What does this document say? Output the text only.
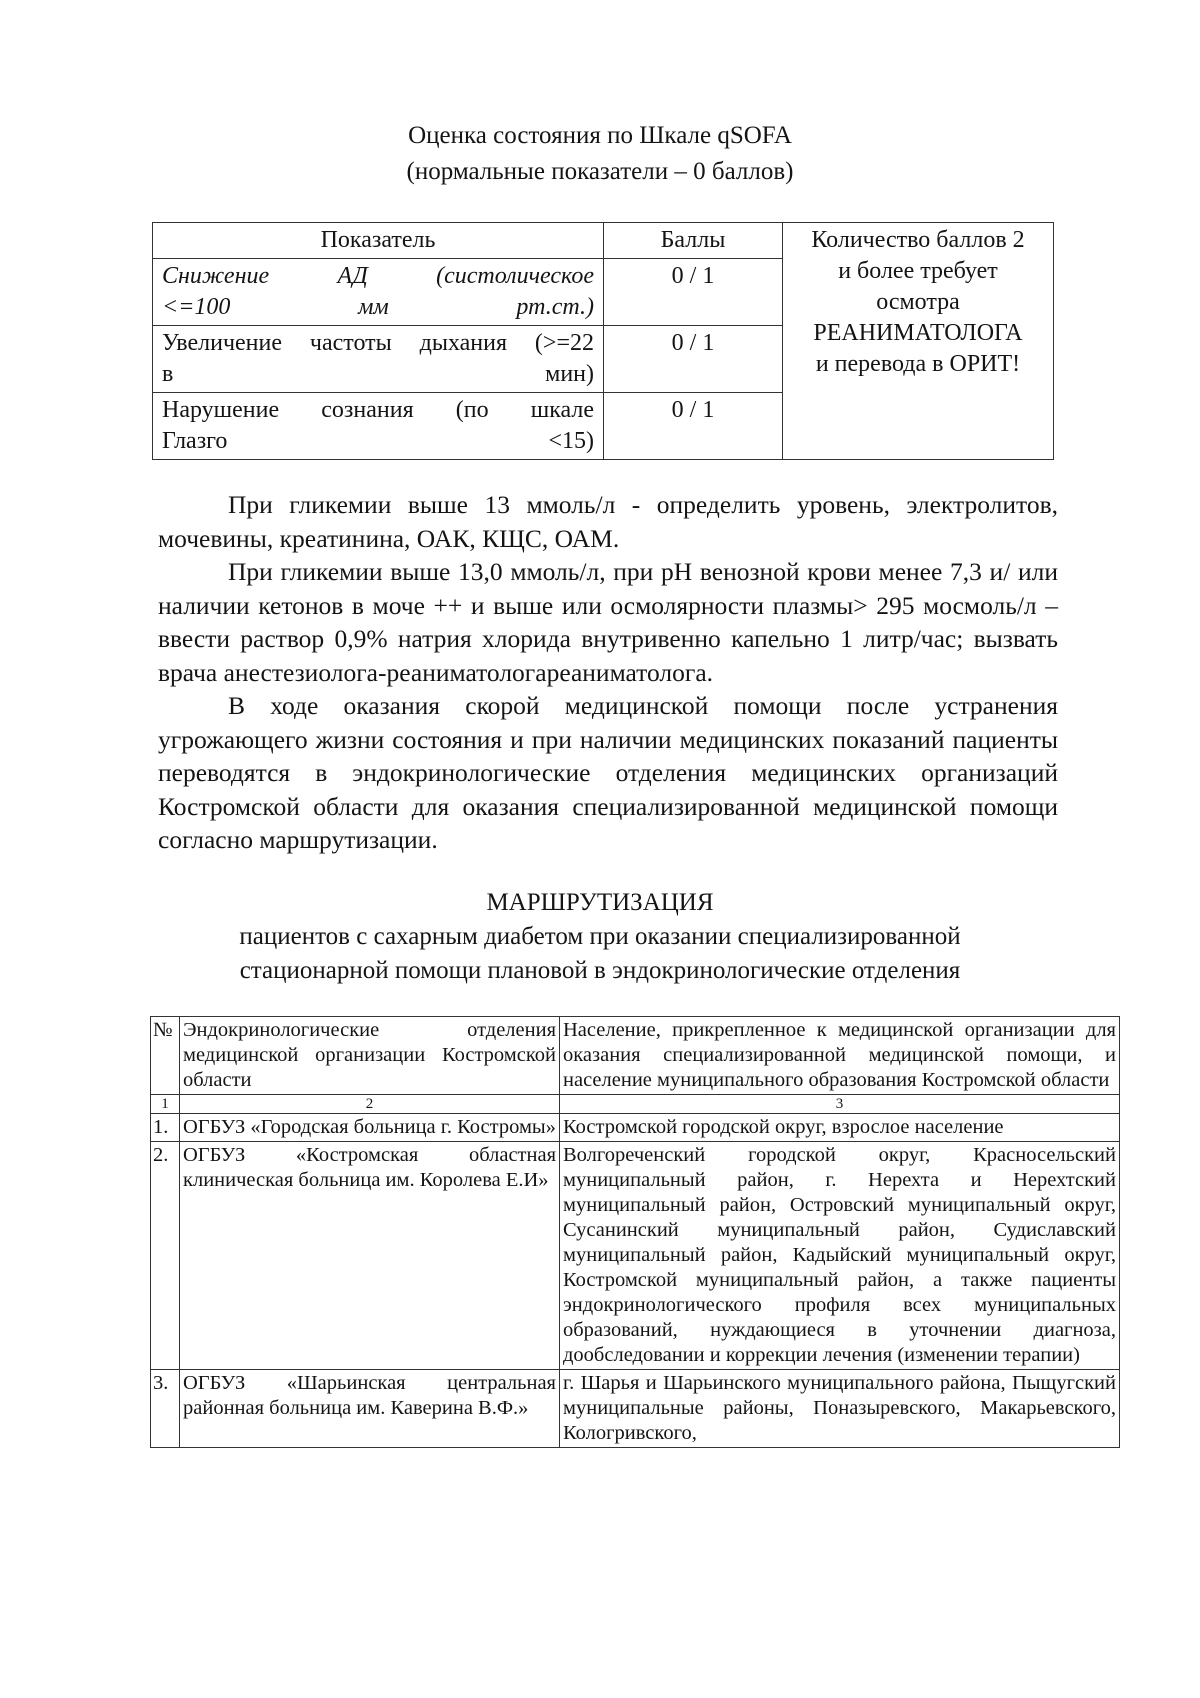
Оценка состояния по Шкале qSOFA
(нормальные показатели – 0 баллов)
Показатель	Баллы	Количество баллов 2
и более требует
осмотра
РЕАНИМАТОЛОГА
и перевода в ОРИТ!

Снижение АД (систолическое
<=100 мм рт.ст.)	0 / 1	

Увеличение частоты дыхания (>=22
в мин)	0 / 1	

Нарушение сознания (по шкале
Глазго <15)	0 / 1	

При гликемии выше 13 ммоль/л - определить уровень, электролитов, мочевины, креатинина, ОАК, КЩС, ОАМ.

При гликемии выше 13,0 ммоль/л, при pH венозной крови менее 7,3 и/ или наличии кетонов в моче ++ и выше или осмолярности плазмы> 295 мосмоль/л – ввести раствор 0,9% натрия хлорида внутривенно капельно 1 литр/час; вызвать врача анестезиолога-реаниматологареаниматолога.

В ходе оказания скорой медицинской помощи после устранения угрожающего жизни состояния и при наличии медицинских показаний пациенты переводятся в эндокринологические отделения медицинских организаций Костромской области для оказания специализированной медицинской помощи согласно маршрутизации.

МАРШРУТИЗАЦИЯ
пациентов с сахарным диабетом при оказании специализированной
стационарной помощи плановой в эндокринологические отделения
№	Эндокринологические отделения медицинской организации Костромской области	Население, прикрепленное к медицинской организации для оказания специализированной медицинской помощи, и население муниципального образования Костромской области
1	2	3
1.	ОГБУЗ «Городская больница г. Костромы»	Костромской городской округ, взрослое население
2.	ОГБУЗ «Костромская областная клиническая больница им. Королева Е.И»	Волгореченский городской округ, Красносельский муниципальный район, г. Нерехта и Нерехтский муниципальный район, Островский муниципальный округ, Сусанинский муниципальный район, Судиславский муниципальный район, Кадыйский муниципальный округ, Костромской муниципальный район, а также пациенты эндокринологического профиля всех муниципальных образований, нуждающиеся в уточнении диагноза, дообследовании и коррекции лечения (изменении терапии)
3.	ОГБУЗ «Шарьинская центральная районная больница им. Каверина В.Ф.»	г. Шарья и Шарьинского муниципального района, Пыщугский муниципальные районы, Поназыревского, Макарьевского, Кологривского,
